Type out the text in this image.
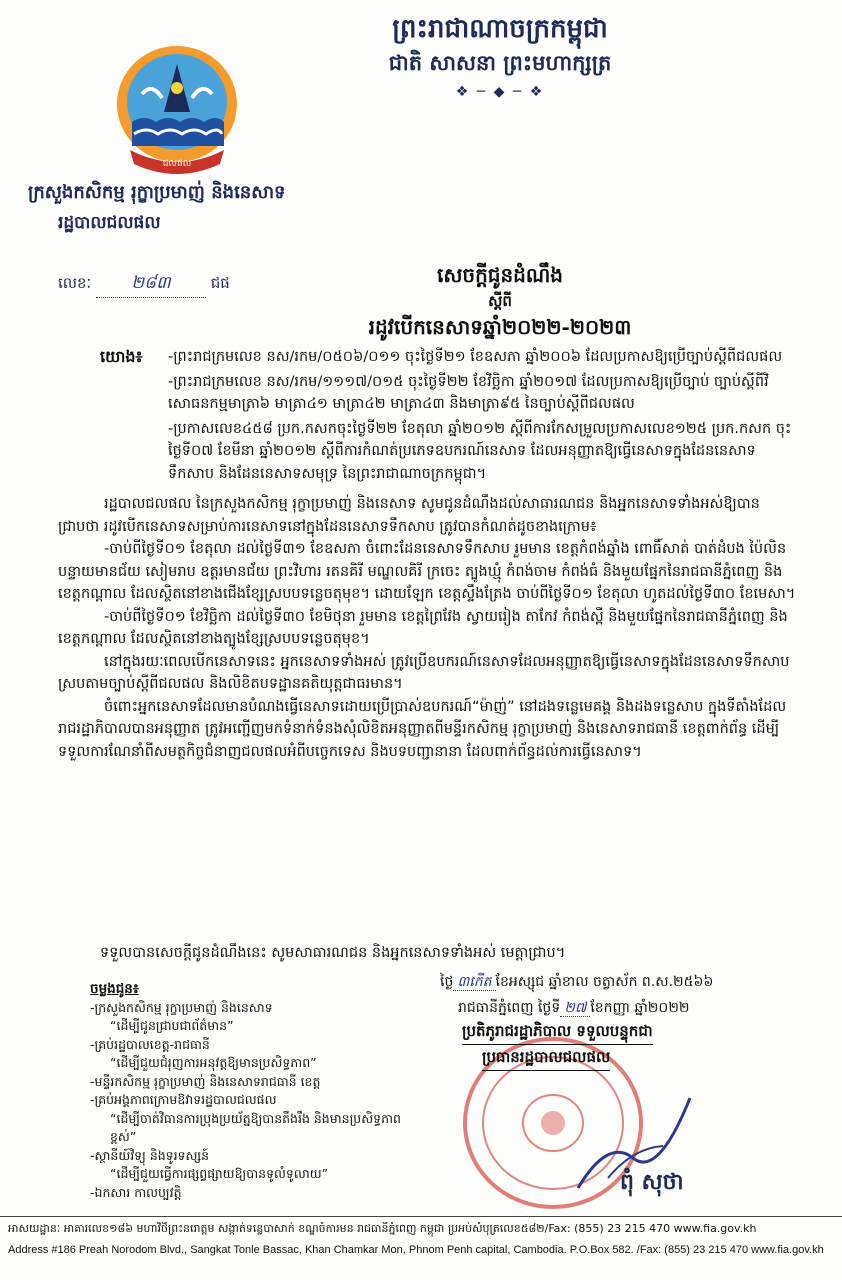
ព្រះរាជាណាចក្រកម្ពុជា
ជាតិ សាសនា ព្រះមហាក្សត្រ
❖ ─ ◆ ─ ❖
ជលផល
ក្រសួងកសិកម្ម រុក្ខាប្រមាញ់ និងនេសាទ
រដ្ឋបាលជលផល
លេខៈ ២៨៣	ជផ	សេចក្តីជូនដំណឹង
ស្តីពី
រដូវបើកនេសាទឆ្នាំ២០២២-២០២៣

យោង៖ -ព្រះរាជក្រមលេខ នស/រកម/០៥០៦/០១១ ចុះថ្ងៃទី២១ ខែឧសភា ឆ្នាំ២០០៦ ដែលប្រកាសឱ្យប្រើច្បាប់ស្តីពីជលផល

-ព្រះរាជក្រមលេខ នស/រកម/១១១៧/០១៥ ចុះថ្ងៃទី២២ ខែវិច្ឆិកា ឆ្នាំ២០១៧ ដែលប្រកាសឱ្យប្រើច្បាប់ ច្បាប់ស្តីពីវិសោធនកម្មមាត្រា៦ មាត្រា៤១ មាត្រា៤២ មាត្រា៤៣ និងមាត្រា៩៥ នៃច្បាប់ស្តីពីជលផល

-ប្រកាសលេខ៤៥៨ ប្រក.កសកចុះថ្ងៃទី២២ ខែតុលា ឆ្នាំ២០១២ ស្តីពីការកែសម្រួលប្រកាសលេខ១២៥ ប្រក.កសក ចុះថ្ងៃទី០៧ ខែមីនា ឆ្នាំ២០១២ ស្តីពីការកំណត់ប្រភេទឧបករណ៍នេសាទ ដែលអនុញ្ញាតឱ្យធ្វើនេសាទក្នុងដែននេសាទទឹកសាប និងដែននេសាទសមុទ្រ នៃព្រះរាជាណាចក្រកម្ពុជា។

រដ្ឋបាលជលផល នៃក្រសួងកសិកម្ម រុក្ខាប្រមាញ់ និងនេសាទ សូមជូនដំណឹងដល់សាធារណជន និងអ្នកនេសាទទាំងអស់ឱ្យបានជ្រាបថា រដូវបើកនេសាទសម្រាប់ការនេសាទនៅក្នុងដែននេសាទទឹកសាប ត្រូវបានកំណត់ដូចខាងក្រោម៖

-ចាប់ពីថ្ងៃទី០១ ខែតុលា ដល់ថ្ងៃទី៣១ ខែឧសភា ចំពោះដែននេសាទទឹកសាប រួមមាន ខេត្តកំពង់ឆ្នាំង ពោធិ៍សាត់ បាត់ដំបង ប៉ៃលិន បន្ទាយមានជ័យ សៀមរាប ឧត្តរមានជ័យ ព្រះវិហារ រតនគិរី មណ្ឌលគិរី ក្រចេះ ត្បូងឃ្មុំ កំពង់ចាម កំពង់ធំ និងមួយផ្នែកនៃរាជធានីភ្នំពេញ និងខេត្តកណ្តាល ដែលស្ថិតនៅខាងជើងខ្សែស្របបទន្លេចតុមុខ។ ដោយឡែក ខេត្តស្ទឹងត្រែង ចាប់ពីថ្ងៃទី០១ ខែតុលា ហូតដល់ថ្ងៃទី៣០ ខែមេសា។

-ចាប់ពីថ្ងៃទី០១ ខែវិច្ឆិកា ដល់ថ្ងៃទី៣០ ខែមិថុនា រួមមាន ខេត្តព្រៃវែង ស្វាយរៀង តាកែវ កំពង់ស្ពឺ និងមួយផ្នែកនៃរាជធានីភ្នំពេញ និងខេត្តកណ្តាល ដែលស្ថិតនៅខាងត្បូងខ្សែស្របបទន្លេចតុមុខ។

នៅក្នុងរយៈពេលបើកនេសាទនេះ អ្នកនេសាទទាំងអស់ ត្រូវប្រើឧបករណ៍នេសាទដែលអនុញ្ញាតឱ្យធ្វើនេសាទក្នុងដែននេសាទទឹកសាប ស្របតាមច្បាប់ស្តីពីជលផល និងលិខិតបទដ្ឋានគតិយុត្តជាធរមាន។

ចំពោះអ្នកនេសាទដែលមានបំណងធ្វើនេសាទដោយប្រើប្រាស់ឧបករណ៍“ម៉ាញ់” នៅដងទន្លេមេគង្គ និងដងទន្លេសាប ក្នុងទីតាំងដែលរាជរដ្ឋាភិបាលបានអនុញ្ញាត ត្រូវអញ្ជើញមកទំនាក់ទំនងសុំលិខិតអនុញ្ញាតពីមន្ទីរកសិកម្ម រុក្ខាប្រមាញ់ និងនេសាទរាជធានី ខេត្តពាក់ព័ន្ធ ដើម្បីទទួលការណែនាំពីសមត្ថកិច្ចជំនាញជលផលអំពីបច្ចេកទេស និងបទបញ្ជានានា ដែលពាក់ព័ន្ធដល់ការធ្វើនេសាទ។

ទទួលបានសេចក្តីជូនដំណឹងនេះ សូមសាធារណជន និងអ្នកនេសាទទាំងអស់ មេត្តាជ្រាប។
ថ្ងៃ ៣កើត ខែអស្សុជ ឆ្នាំខាល ចត្វាស័ក ព.ស.២៥៦៦
រាជធានីភ្នំពេញ ថ្ងៃទី ២៧ ខែកញ្ញា ឆ្នាំ២០២២
ប្រតិភូរាជរដ្ឋាភិបាល ទទួលបន្ទុកជា
ប្រធានរដ្ឋបាលជលផល
ពុំ សុថា
ចម្លងជូន៖
-ក្រសួងកសិកម្ម រុក្ខាប្រមាញ់ និងនេសាទ
“ដើម្បីជូនជ្រាបជាព័ត៌មាន”
-គ្រប់រដ្ឋបាលខេត្ត-រាជធានី
“ដើម្បីជួយជំរុញការអនុវត្តឱ្យមានប្រសិទ្ធភាព”
-មន្ទីរកសិកម្ម រុក្ខាប្រមាញ់ និងនេសាទរាជធានី ខេត្ត
-គ្រប់អង្គភាពក្រោមឱវាទរដ្ឋបាលជលផល
“ដើម្បីចាត់វិធានការប្រុងប្រយ័ត្នឱ្យបានតឹងរឹង និងមានប្រសិទ្ធភាពខ្ពស់”
-ស្ថានីយ៍វិទ្យុ និងទូរទស្សន៍
“ដើម្បីជួយធ្វើការផ្សព្វផ្សាយឱ្យបានទូលំទូលាយ”
-ឯកសារ កាលប្បវត្តិ
អាសយដ្ឋានៈ អាគារលេខ១៨៦ មហាវិថីព្រះនរោត្តម សង្កាត់ទន្លេបាសាក់ ខណ្ឌចំការមន រាជធានីភ្នំពេញ កម្ពុជា ប្រអប់សំបុត្រលេខ៥៨២/Fax: (855) 23 215 470 www.fia.gov.kh
Address #186 Preah Norodom Blvd., Sangkat Tonle Bassac, Khan Chamkar Mon, Phnom Penh capital, Cambodia. P.O.Box 582. /Fax: (855) 23 215 470 www.fia.gov.kh
